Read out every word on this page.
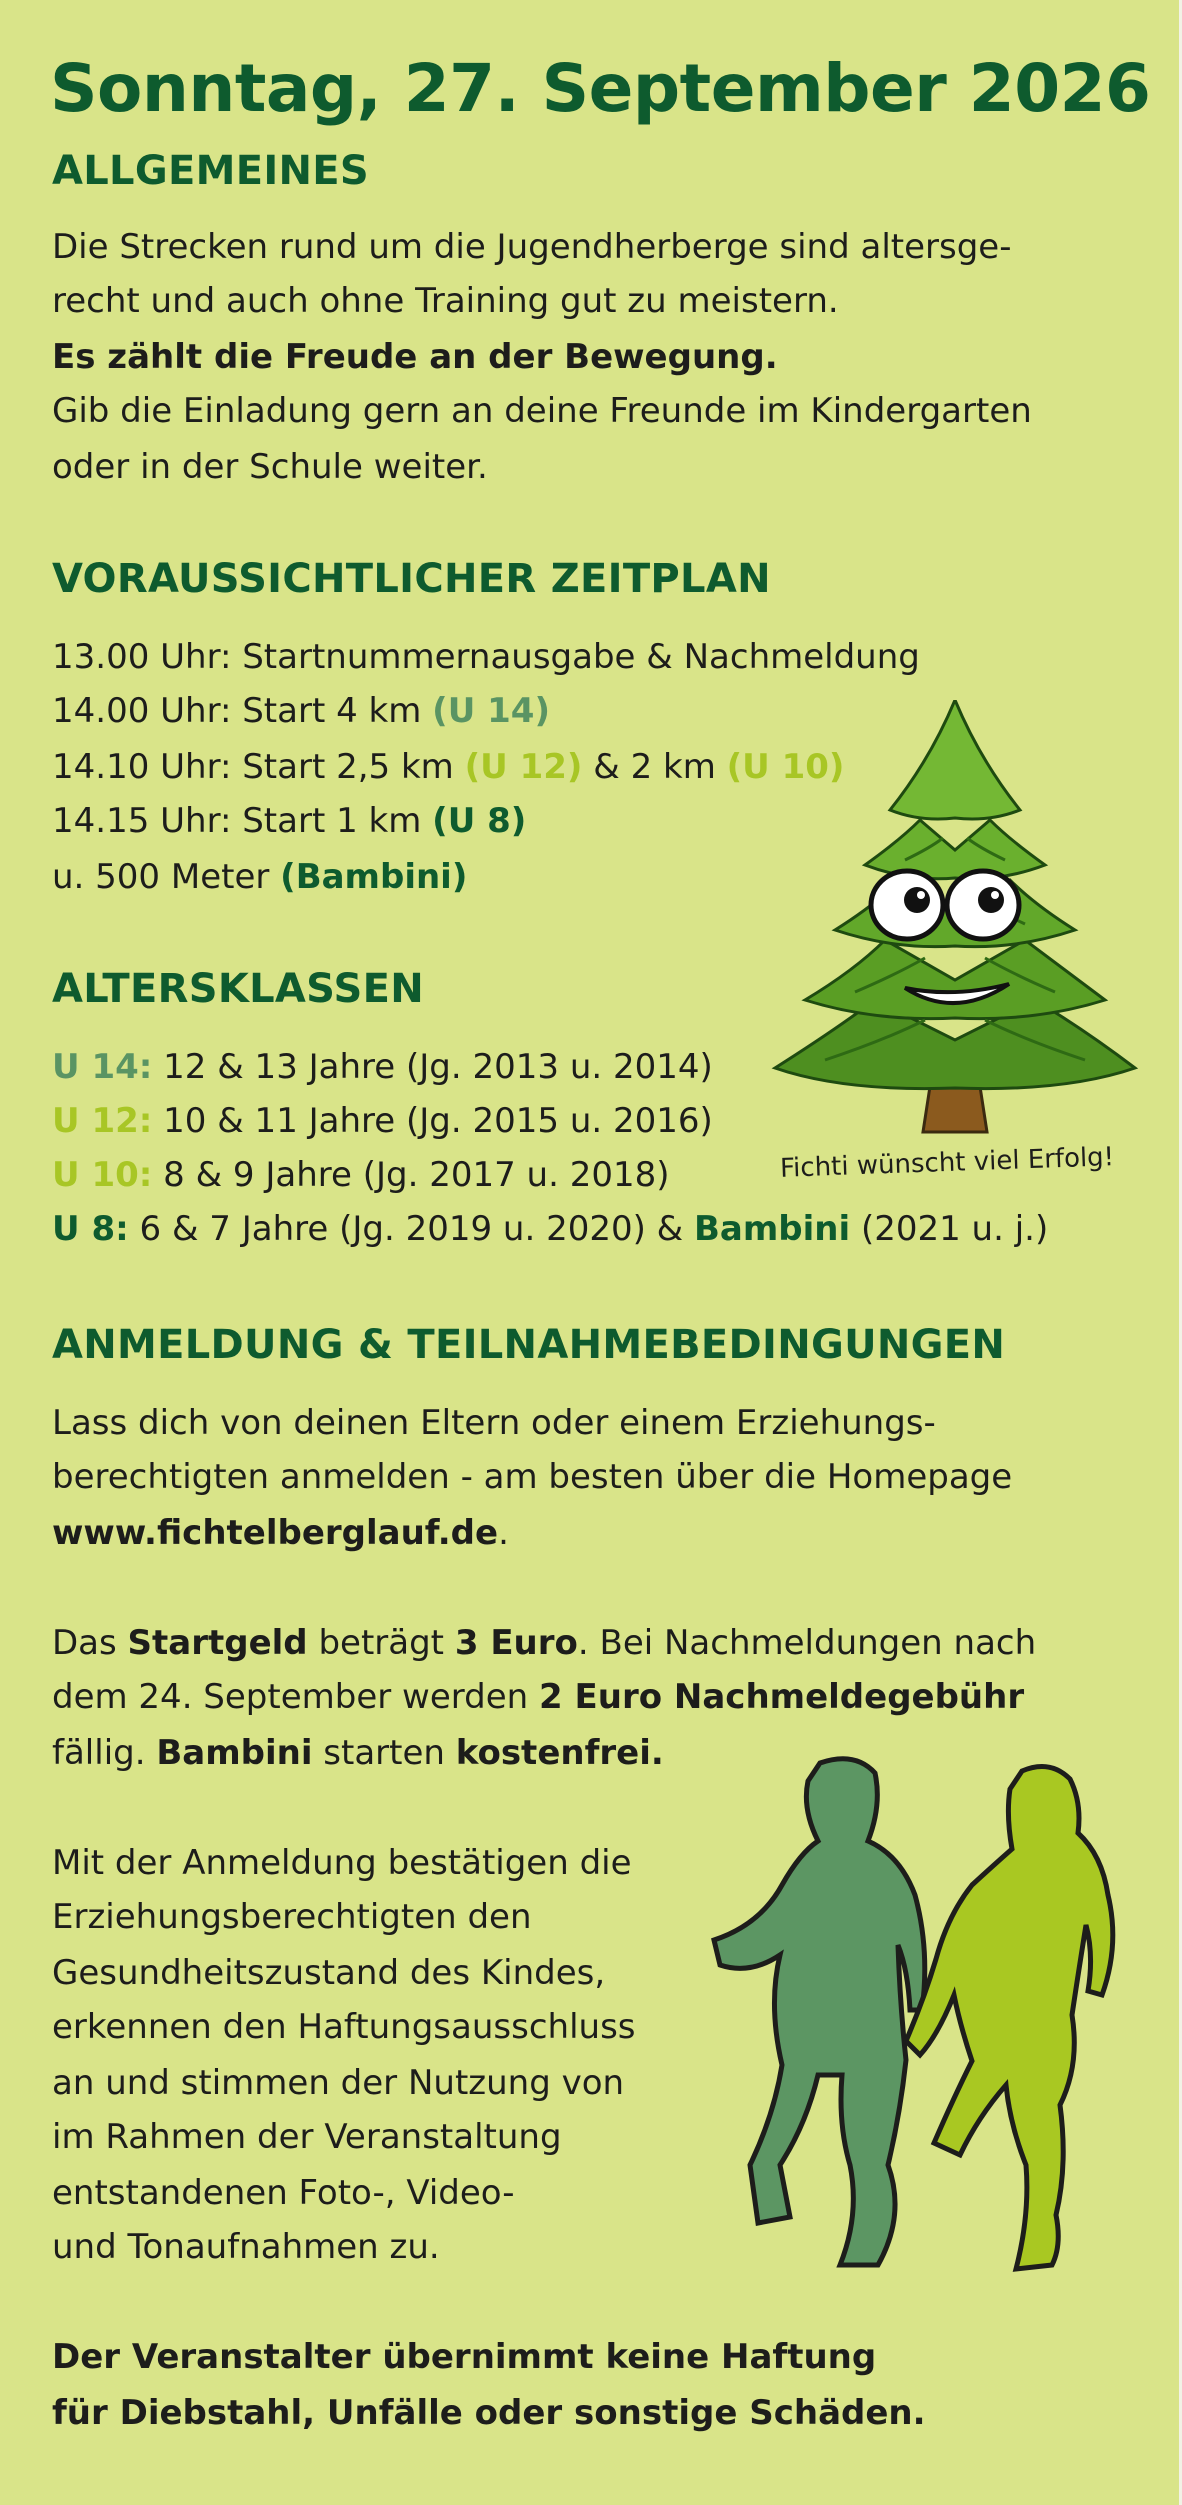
Sonntag, 27. September 2026
ALLGEMEINES
Die Strecken rund um die Jugendherberge sind altersge-
recht und auch ohne Training gut zu meistern.
Es zählt die Freude an der Bewegung.
Gib die Einladung gern an deine Freunde im Kindergarten
oder in der Schule weiter.
VORAUSSICHTLICHER ZEITPLAN
13.00 Uhr: Startnummernausgabe & Nachmeldung
14.00 Uhr: Start 4 km (U 14)
14.10 Uhr: Start 2,5 km (U 12) & 2 km (U 10)
14.15 Uhr: Start 1 km (U 8)
u. 500 Meter (Bambini)
ALTERSKLASSEN
U 14: 12 & 13 Jahre (Jg. 2013 u. 2014)
U 12: 10 & 11 Jahre (Jg. 2015 u. 2016)
U 10: 8 & 9 Jahre (Jg. 2017 u. 2018)
U 8: 6 & 7 Jahre (Jg. 2019 u. 2020) & Bambini (2021 u. j.)
Fichti wünscht viel Erfolg!
ANMELDUNG & TEILNAHMEBEDINGUNGEN
Lass dich von deinen Eltern oder einem Erziehungs-
berechtigten anmelden - am besten über die Homepage
www.fichtelberglauf.de.
Das Startgeld beträgt 3 Euro. Bei Nachmeldungen nach
dem 24. September werden 2 Euro Nachmeldegebühr
fällig. Bambini starten kostenfrei.
Mit der Anmeldung bestätigen die
Erziehungsberechtigten den
Gesundheitszustand des Kindes,
erkennen den Haftungsausschluss
an und stimmen der Nutzung von
im Rahmen der Veranstaltung
entstandenen Foto-, Video-
und Tonaufnahmen zu.
Der Veranstalter übernimmt keine Haftung
für Diebstahl, Unfälle oder sonstige Schäden.
